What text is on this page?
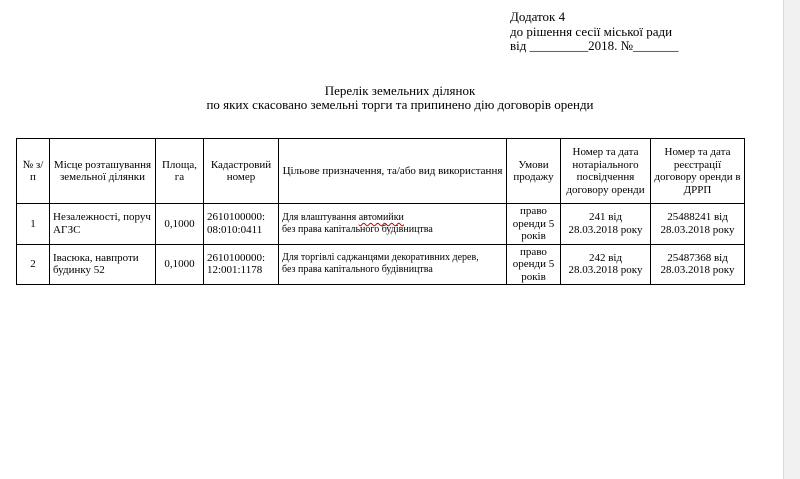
Додаток 4
до рішення сесії міської ради
від _________2018. №_______
Перелік земельних ділянок
по яких скасовано земельні торги та припинено дію договорів оренди
№ з/п	Місце розташування земельної ділянки	Площа, га	Кадастровий номер	Цільове призначення, та/або вид використання	Умови продажу	Номер та дата нотаріального посвідчення договору оренди	Номер та дата реєстрації договору оренди в ДРРП
1	Незалежності, поруч АГЗС	0,1000	2610100000: 08:010:0411	Для влаштування автомийки
без права капітального будівництва	право оренди 5 років	241 від 28.03.2018 року	25488241 від 28.03.2018 року
2	Івасюка, навпроти будинку 52	0,1000	2610100000: 12:001:1178	Для торгівлі саджанцями декоративних дерев,
без права капітального будівництва	право оренди 5 років	242 від 28.03.2018 року	25487368 від 28.03.2018 року
